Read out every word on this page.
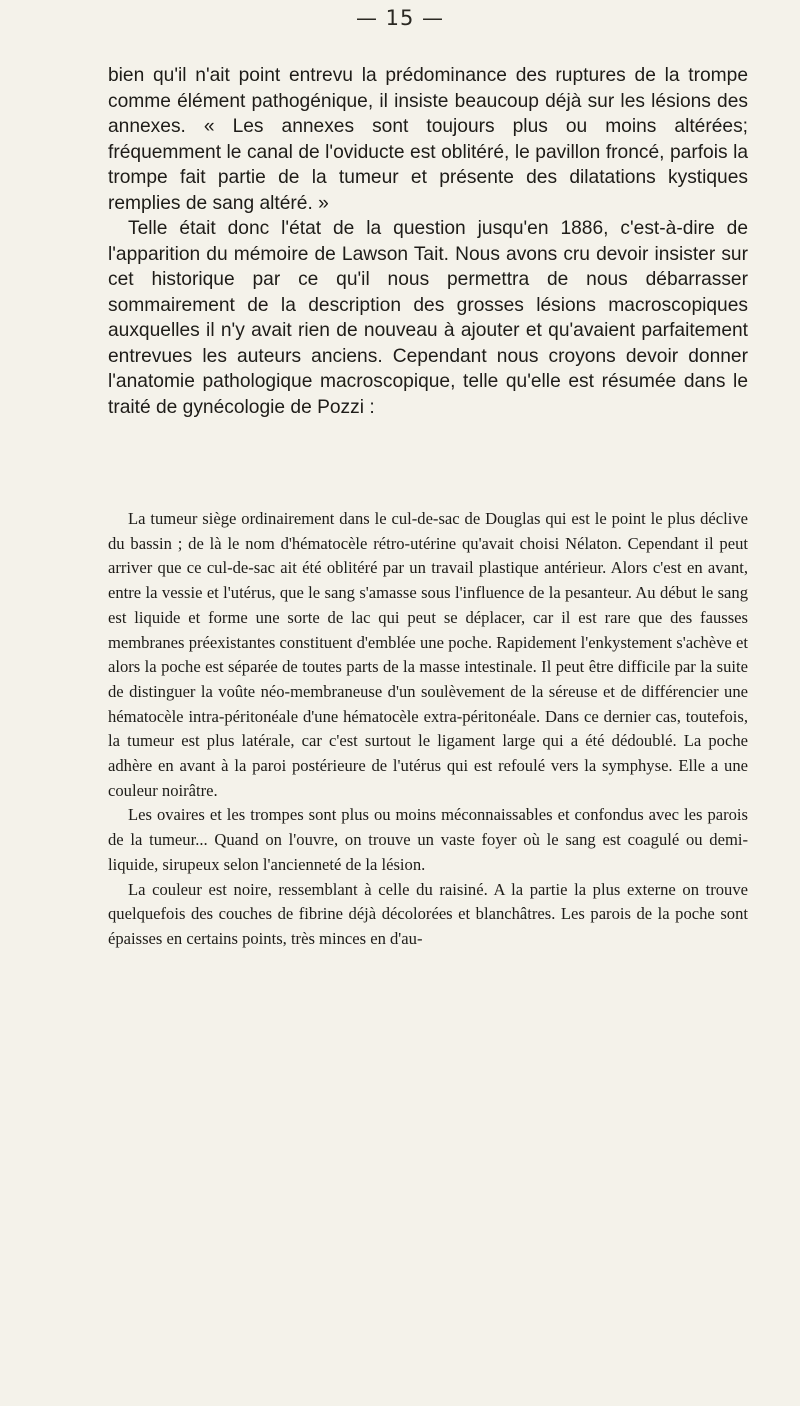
— 15 —

bien qu'il n'ait point entrevu la prédominance des ruptures de la trompe comme élément pathogénique, il insiste beaucoup déjà sur les lésions des annexes. « Les annexes sont toujours plus ou moins altérées; fréquemment le canal de l'oviducte est oblitéré, le pavillon froncé, parfois la trompe fait partie de la tumeur et présente des dilatations kystiques remplies de sang altéré. »

Telle était donc l'état de la question jusqu'en 1886, c'est-à-dire de l'apparition du mémoire de Lawson Tait. Nous avons cru devoir insister sur cet historique par ce qu'il nous permettra de nous débarrasser sommairement de la description des grosses lésions macroscopiques auxquelles il n'y avait rien de nouveau à ajouter et qu'avaient parfaitement entrevues les auteurs anciens. Cependant nous croyons devoir donner l'anatomie pathologique macroscopique, telle qu'elle est résumée dans le traité de gynécologie de Pozzi :

La tumeur siège ordinairement dans le cul-de-sac de Douglas qui est le point le plus déclive du bassin ; de là le nom d'hématocèle rétro-utérine qu'avait choisi Nélaton. Cependant il peut arriver que ce cul-de-sac ait été oblitéré par un travail plastique antérieur. Alors c'est en avant, entre la vessie et l'utérus, que le sang s'amasse sous l'influence de la pesanteur. Au début le sang est liquide et forme une sorte de lac qui peut se déplacer, car il est rare que des fausses membranes préexistantes constituent d'emblée une poche. Rapidement l'enkystement s'achève et alors la poche est séparée de toutes parts de la masse intestinale. Il peut être difficile par la suite de distinguer la voûte néo-membraneuse d'un soulèvement de la séreuse et de différencier une hématocèle intra-péritonéale d'une hématocèle extra-péritonéale. Dans ce dernier cas, toutefois, la tumeur est plus latérale, car c'est surtout le ligament large qui a été dédoublé. La poche adhère en avant à la paroi postérieure de l'utérus qui est refoulé vers la symphyse. Elle a une couleur noirâtre.

Les ovaires et les trompes sont plus ou moins méconnaissables et confondus avec les parois de la tumeur... Quand on l'ouvre, on trouve un vaste foyer où le sang est coagulé ou demi-liquide, sirupeux selon l'ancienneté de la lésion.

La couleur est noire, ressemblant à celle du raisiné. A la partie la plus externe on trouve quelquefois des couches de fibrine déjà décolorées et blanchâtres. Les parois de la poche sont épaisses en certains points, très minces en d'au-
